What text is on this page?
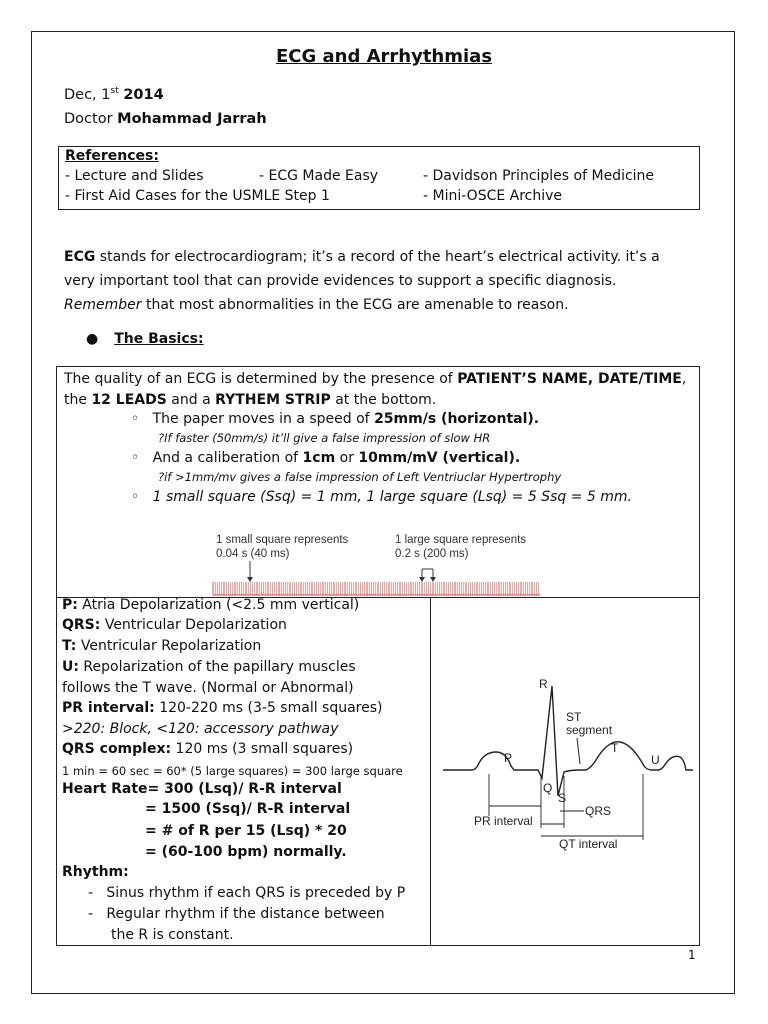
ECG and Arrhythmias
Dec, 1st 2014
Doctor Mohammad Jarrah
References:
- Lecture and Slides	- ECG Made Easy	- Davidson Principles of Medicine
- First Aid Cases for the USMLE Step 1	- Mini-OSCE Archive
ECG stands for electrocardiogram; it’s a record of the heart’s electrical activity. it’s a very important tool that can provide evidences to support a specific diagnosis.
Remember that most abnormalities in the ECG are amenable to reason.
● The Basics:
The quality of an ECG is determined by the presence of PATIENT’S NAME, DATE/TIME, the 12 LEADS and a RYTHEM STRIP at the bottom.
◦ The paper moves in a speed of 25mm/s (horizontal).
?If faster (50mm/s) it’ll give a false impression of slow HR
◦ And a caliberation of 1cm or 10mm/mV (vertical).
?if >1mm/mv gives a false impression of Left Ventriuclar Hypertrophy
◦ 1 small square (Ssq) = 1 mm, 1 large square (Lsq) = 5 Ssq = 5 mm.
1 small square represents
0.04 s (40 ms)
1 large square represents
0.2 s (200 ms)
P: Atria Depolarization (<2.5 mm vertical)
QRS: Ventricular Depolarization
T: Ventricular Repolarization
U: Repolarization of the papillary muscles
follows the T wave. (Normal or Abnormal)
PR interval: 120-220 ms (3-5 small squares)
>220: Block, <120: accessory pathway
QRS complex: 120 ms (3 small squares)
1 min = 60 sec = 60* (5 large squares) = 300 large square
Heart Rate= 300 (Lsq)/ R-R interval
= 1500 (Ssq)/ R-R interval
= # of R per 15 (Lsq) * 20
= (60-100 bpm) normally.
Rhythm:
-   Sinus rhythm if each QRS is preceded by P
-   Regular rhythm if the distance between
the R is constant.
R
P
Q
S
T
U
ST
segment
QRS
PR interval
QT interval
1
